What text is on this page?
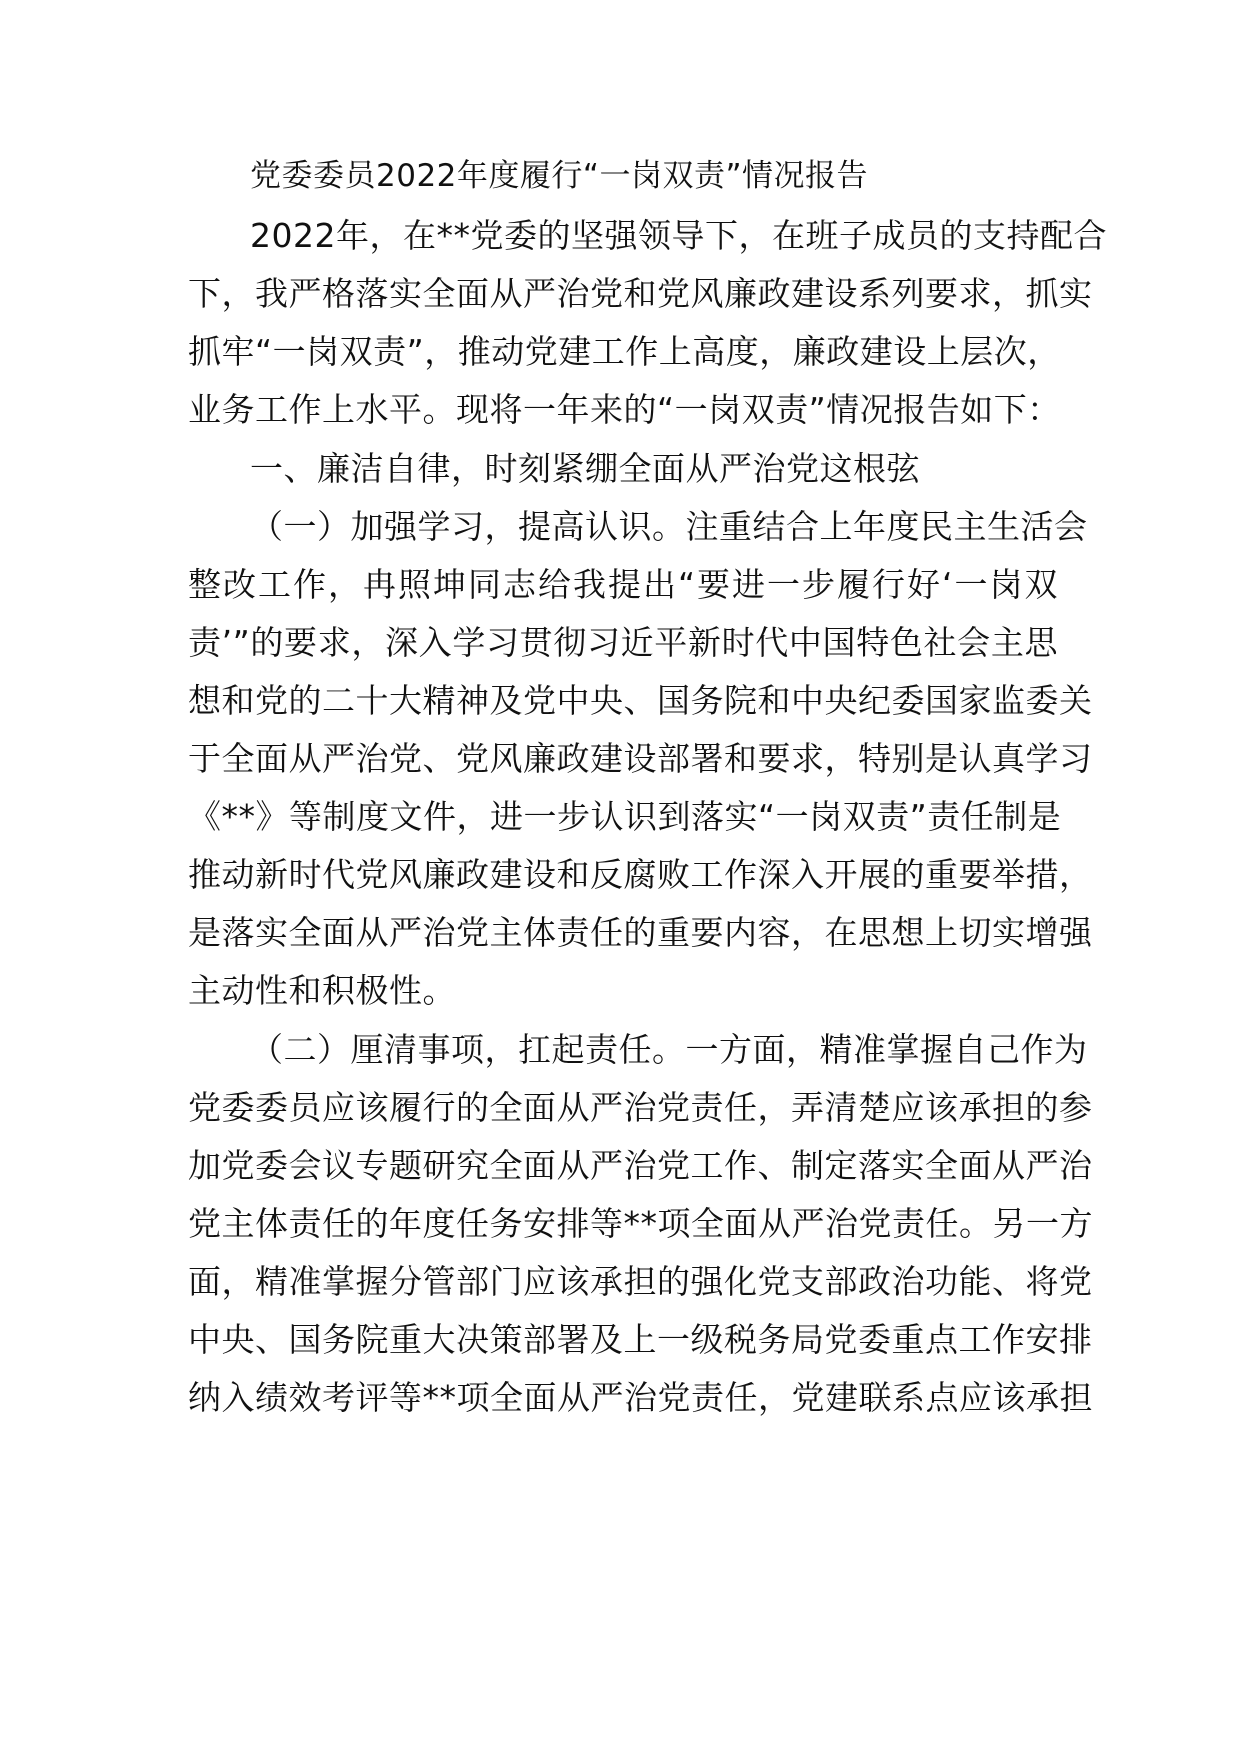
党委委员2022年度履行“一岗双责”情况报告
2022年，在**党委的坚强领导下，在班子成员的支持配合
下，我严格落实全面从严治党和党风廉政建设系列要求，抓实
抓牢“一岗双责”，推动党建工作上高度，廉政建设上层次，
业务工作上水平。现将一年来的“一岗双责”情况报告如下：
一、廉洁自律，时刻紧绷全面从严治党这根弦
（一）加强学习，提高认识。注重结合上年度民主生活会
整改工作，冉照坤同志给我提出“要进一步履行好‘一岗双
责’”的要求，深入学习贯彻习近平新时代中国特色社会主思
想和党的二十大精神及党中央、国务院和中央纪委国家监委关
于全面从严治党、党风廉政建设部署和要求，特别是认真学习
《**》等制度文件，进一步认识到落实“一岗双责”责任制是
推动新时代党风廉政建设和反腐败工作深入开展的重要举措，
是落实全面从严治党主体责任的重要内容，在思想上切实增强
主动性和积极性。
（二）厘清事项，扛起责任。一方面，精准掌握自己作为
党委委员应该履行的全面从严治党责任，弄清楚应该承担的参
加党委会议专题研究全面从严治党工作、制定落实全面从严治
党主体责任的年度任务安排等**项全面从严治党责任。另一方
面，精准掌握分管部门应该承担的强化党支部政治功能、将党
中央、国务院重大决策部署及上一级税务局党委重点工作安排
纳入绩效考评等**项全面从严治党责任，党建联系点应该承担
